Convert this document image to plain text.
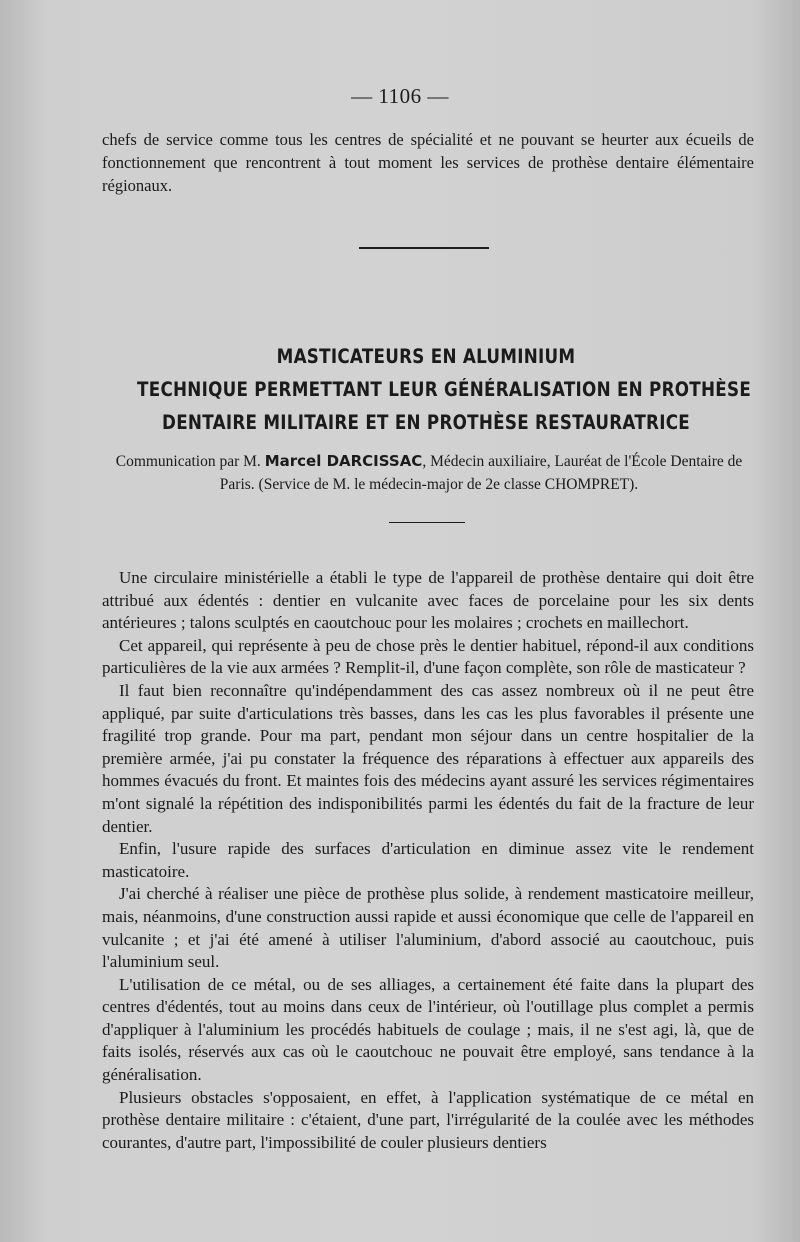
— 1106 —

chefs de service comme tous les centres de spécialité et ne pouvant se heurter aux écueils de fonctionnement que rencontrent à tout moment les services de prothèse dentaire élémentaire régionaux.

MASTICATEURS EN ALUMINIUM
TECHNIQUE PERMETTANT LEUR GÉNÉRALISATION EN PROTHÈSE
DENTAIRE MILITAIRE ET EN PROTHÈSE RESTAURATRICE

Communication par M. Marcel DARCISSAC, Médecin auxiliaire, Lauréat de l'École Dentaire de Paris. (Service de M. le médecin-major de 2e classe CHOMPRET).

Une circulaire ministérielle a établi le type de l'appareil de prothèse dentaire qui doit être attribué aux édentés : dentier en vulcanite avec faces de porcelaine pour les six dents antérieures ; talons sculptés en caoutchouc pour les molaires ; crochets en maillechort.

Cet appareil, qui représente à peu de chose près le dentier habituel, répond-il aux conditions particulières de la vie aux armées ? Remplit-il, d'une façon complète, son rôle de masticateur ?

Il faut bien reconnaître qu'indépendamment des cas assez nombreux où il ne peut être appliqué, par suite d'articulations très basses, dans les cas les plus favorables il présente une fragilité trop grande. Pour ma part, pendant mon séjour dans un centre hospitalier de la première armée, j'ai pu constater la fréquence des réparations à effectuer aux appareils des hommes évacués du front. Et maintes fois des médecins ayant assuré les services régimentaires m'ont signalé la répétition des indisponibilités parmi les édentés du fait de la fracture de leur dentier.

Enfin, l'usure rapide des surfaces d'articulation en diminue assez vite le rendement masticatoire.

J'ai cherché à réaliser une pièce de prothèse plus solide, à rendement masticatoire meilleur, mais, néanmoins, d'une construction aussi rapide et aussi économique que celle de l'appareil en vulcanite ; et j'ai été amené à utiliser l'aluminium, d'abord associé au caoutchouc, puis l'aluminium seul.

L'utilisation de ce métal, ou de ses alliages, a certainement été faite dans la plupart des centres d'édentés, tout au moins dans ceux de l'intérieur, où l'outillage plus complet a permis d'appliquer à l'aluminium les procédés habituels de coulage ; mais, il ne s'est agi, là, que de faits isolés, réservés aux cas où le caoutchouc ne pouvait être employé, sans tendance à la généralisation.

Plusieurs obstacles s'opposaient, en effet, à l'application systématique de ce métal en prothèse dentaire militaire : c'étaient, d'une part, l'irrégularité de la coulée avec les méthodes courantes, d'autre part, l'impossibilité de couler plusieurs dentiers
